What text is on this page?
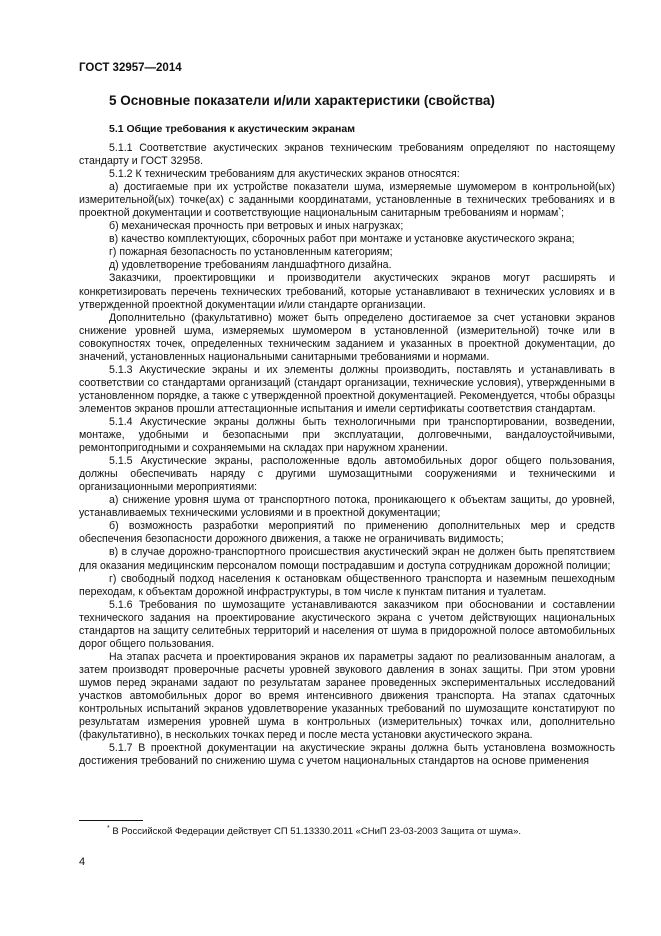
ГОСТ 32957—2014
5 Основные показатели и/или характеристики (свойства)
5.1 Общие требования к акустическим экранам

5.1.1 Соответствие акустических экранов техническим требованиям определяют по настоящему стандарту и ГОСТ 32958.

5.1.2 К техническим требованиям для акустических экранов относятся:

а) достигаемые при их устройстве показатели шума, измеряемые шумомером в контрольной(ых) измерительной(ых) точке(ах) с заданными координатами, установленные в технических требованиях и в проектной документации и соответствующие национальным санитарным требованиям и нормам*;

б) механическая прочность при ветровых и иных нагрузках;

в) качество комплектующих, сборочных работ при монтаже и установке акустического экрана;

г) пожарная безопасность по установленным категориям;

д) удовлетворение требованиям ландшафтного дизайна.

Заказчики, проектировщики и производители акустических экранов могут расширять и конкретизировать перечень технических требований, которые устанавливают в технических условиях и в утвержденной проектной документации и/или стандарте организации.

Дополнительно (факультативно) может быть определено достигаемое за счет установки экранов снижение уровней шума, измеряемых шумомером в установленной (измерительной) точке или в совокупностях точек, определенных техническим заданием и указанных в проектной документации, до значений, установленных национальными санитарными требованиями и нормами.

5.1.3 Акустические экраны и их элементы должны производить, поставлять и устанавливать в соответствии со стандартами организаций (стандарт организации, технические условия), утвержденными в установленном порядке, а также с утвержденной проектной документацией. Рекомендуется, чтобы образцы элементов экранов прошли аттестационные испытания и имели сертификаты соответствия стандартам.

5.1.4 Акустические экраны должны быть технологичными при транспортировании, возведении, монтаже, удобными и безопасными при эксплуатации, долговечными, вандалоустойчивыми, ремонтопригодными и сохраняемыми на складах при наружном хранении.

5.1.5 Акустические экраны, расположенные вдоль автомобильных дорог общего пользования, должны обеспечивать наряду с другими шумозащитными сооружениями и техническими и организационными мероприятиями:

а) снижение уровня шума от транспортного потока, проникающего к объектам защиты, до уровней, устанавливаемых техническими условиями и в проектной документации;

б) возможность разработки мероприятий по применению дополнительных мер и средств обеспечения безопасности дорожного движения, а также не ограничивать видимость;

в) в случае дорожно-транспортного происшествия акустический экран не должен быть препятствием для оказания медицинским персоналом помощи пострадавшим и доступа сотрудникам дорожной полиции;

г) свободный подход населения к остановкам общественного транспорта и наземным пешеходным переходам, к объектам дорожной инфраструктуры, в том числе к пунктам питания и туалетам.

5.1.6 Требования по шумозащите устанавливаются заказчиком при обосновании и составлении технического задания на проектирование акустического экрана с учетом действующих национальных стандартов на защиту селитебных территорий и населения от шума в придорожной полосе автомобильных дорог общего пользования.

На этапах расчета и проектирования экранов их параметры задают по реализованным аналогам, а затем производят проверочные расчеты уровней звукового давления в зонах защиты. При этом уровни шумов перед экранами задают по результатам заранее проведенных экспериментальных исследований участков автомобильных дорог во время интенсивного движения транспорта. На этапах сдаточных контрольных испытаний экранов удовлетворение указанных требований по шумозащите констатируют по результатам измерения уровней шума в контрольных (измерительных) точках или, дополнительно (факультативно), в нескольких точках перед и после места установки акустического экрана.

5.1.7 В проектной документации на акустические экраны должна быть установлена возможность достижения требований по снижению шума с учетом национальных стандартов на основе применения

* В Российской Федерации действует СП 51.13330.2011 «СНиП 23-03-2003 Защита от шума».
4
